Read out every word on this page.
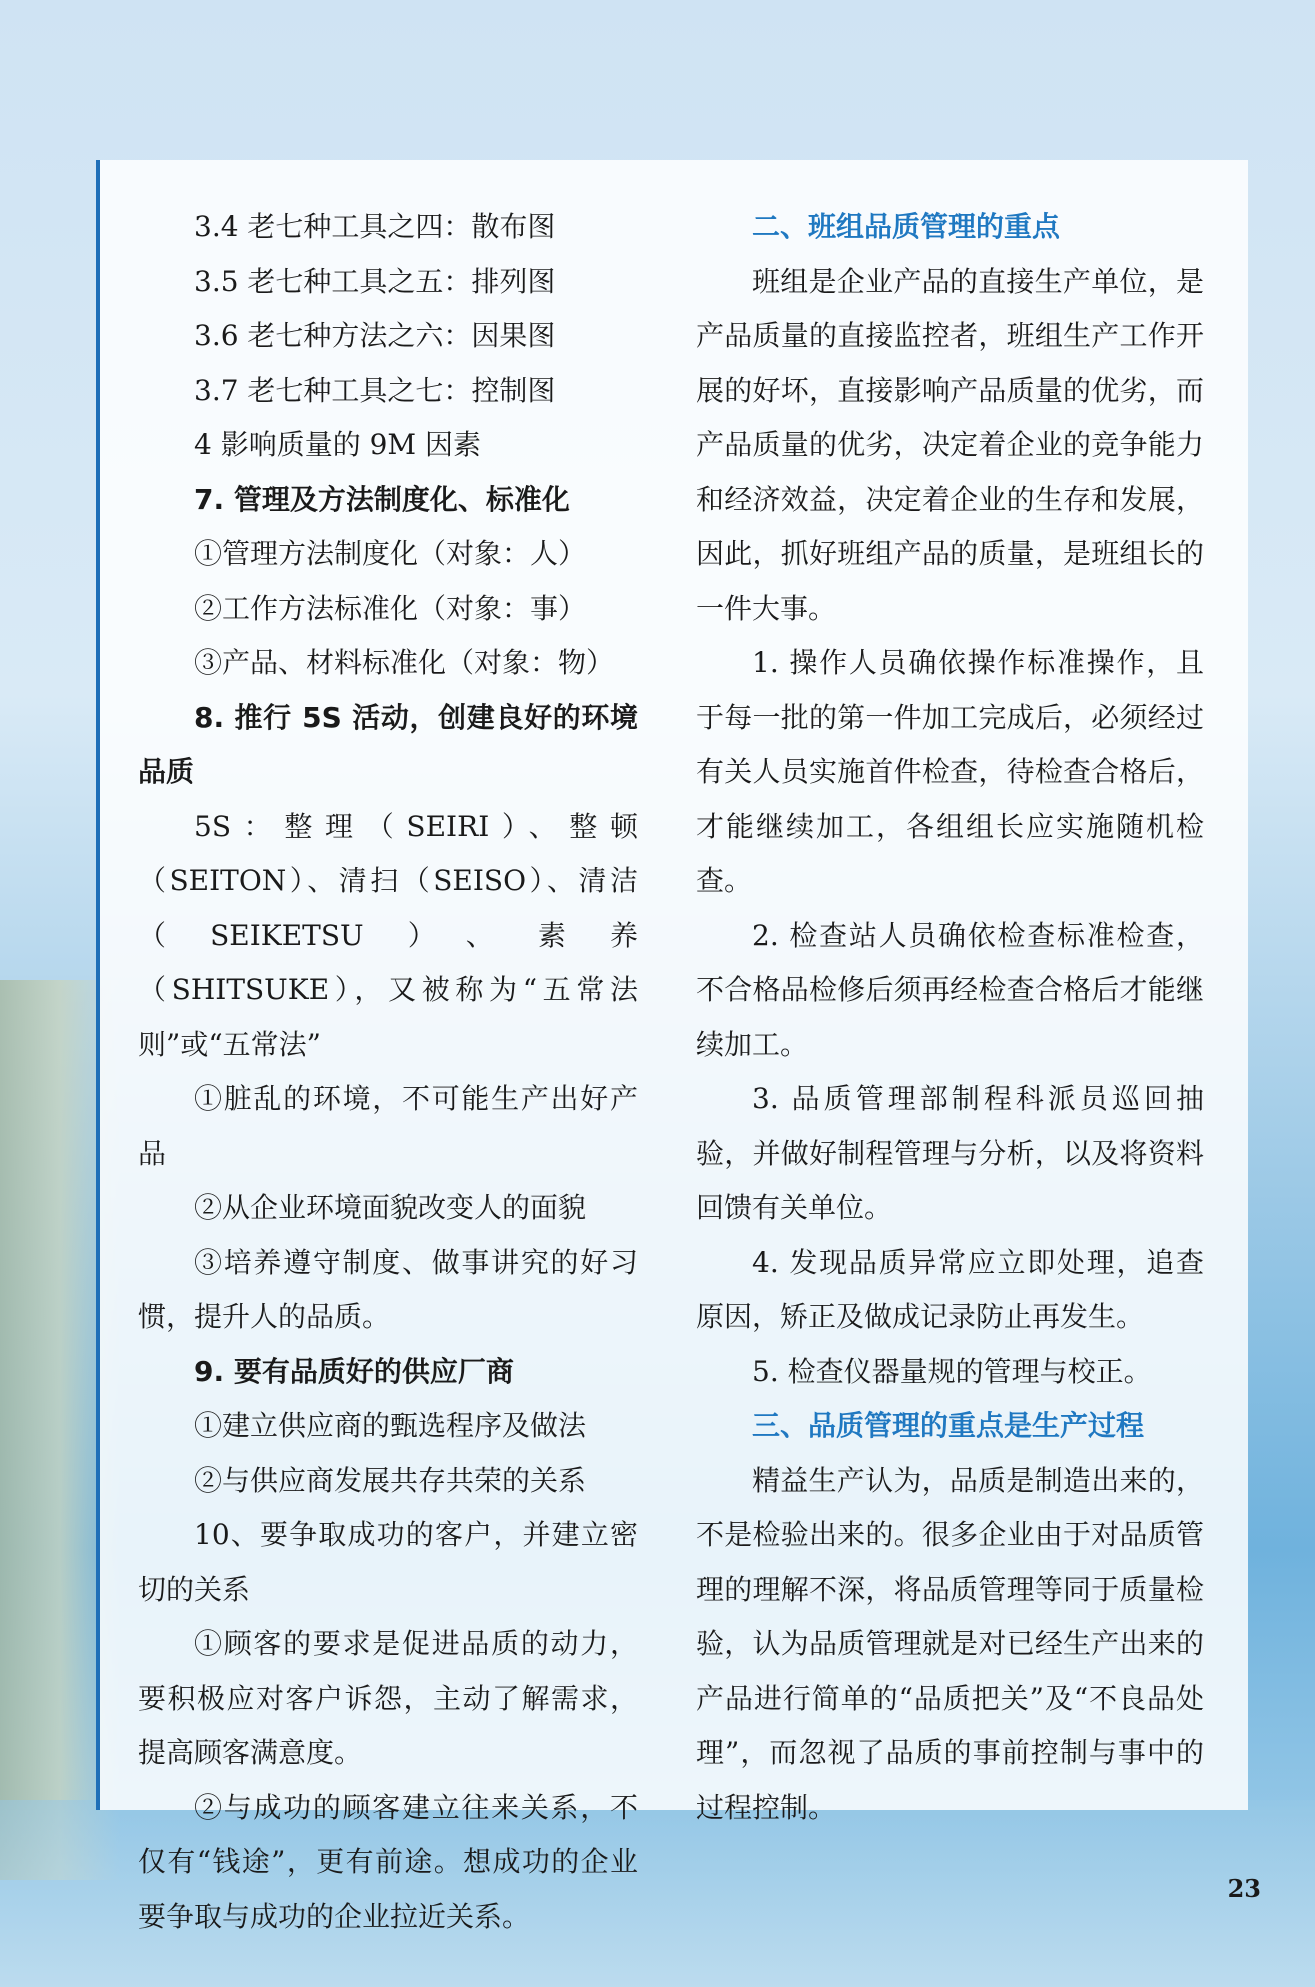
3.4 老七种工具之四：散布图

3.5 老七种工具之五：排列图

3.6 老七种方法之六：因果图

3.7 老七种工具之七：控制图

4 影响质量的 9M 因素

7. 管理及方法制度化、标准化

①管理方法制度化（对象：人）

②工作方法标准化（对象：事）

③产品、材料标准化（对象：物）

8. 推行 5S 活动，创建良好的环境品质

5S：整理（SEIRI）、整顿（SEITON）、清扫（SEISO）、清洁（SEIKETSU）、素养（SHITSUKE），又被称为“五常法则”或“五常法”

①脏乱的环境，不可能生产出好产品

②从企业环境面貌改变人的面貌

③培养遵守制度、做事讲究的好习惯，提升人的品质。

9. 要有品质好的供应厂商

①建立供应商的甄选程序及做法

②与供应商发展共存共荣的关系

10、要争取成功的客户，并建立密切的关系

①顾客的要求是促进品质的动力，要积极应对客户诉怨，主动了解需求，提高顾客满意度。

②与成功的顾客建立往来关系，不仅有“钱途”，更有前途。想成功的企业要争取与成功的企业拉近关系。

二、班组品质管理的重点

班组是企业产品的直接生产单位，是产品质量的直接监控者，班组生产工作开展的好坏，直接影响产品质量的优劣，而产品质量的优劣，决定着企业的竞争能力和经济效益，决定着企业的生存和发展，因此，抓好班组产品的质量，是班组长的一件大事。

1. 操作人员确依操作标准操作，且于每一批的第一件加工完成后，必须经过有关人员实施首件检查，待检查合格后，才能继续加工，各组组长应实施随机检查。

2. 检查站人员确依检查标准检查，不合格品检修后须再经检查合格后才能继续加工。

3. 品质管理部制程科派员巡回抽验，并做好制程管理与分析，以及将资料回馈有关单位。

4. 发现品质异常应立即处理，追查原因，矫正及做成记录防止再发生。

5. 检查仪器量规的管理与校正。

三、品质管理的重点是生产过程

精益生产认为，品质是制造出来的，不是检验出来的。很多企业由于对品质管理的理解不深，将品质管理等同于质量检验，认为品质管理就是对已经生产出来的产品进行简单的“品质把关”及“不良品处理”，而忽视了品质的事前控制与事中的过程控制。

23
